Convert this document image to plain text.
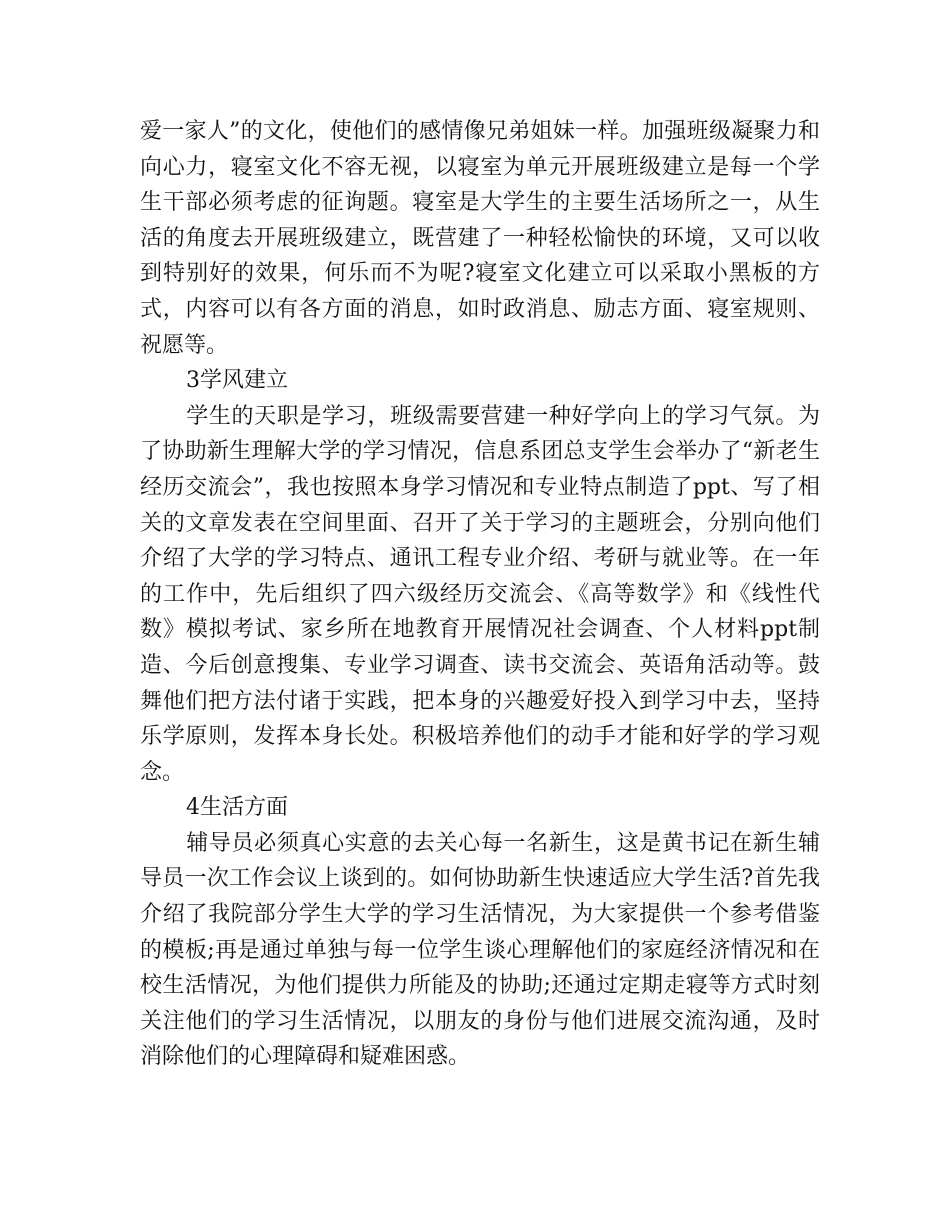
爱一家人”的文化，使他们的感情像兄弟姐妹一样。加强班级凝聚力和向心力，寝室文化不容无视，以寝室为单元开展班级建立是每一个学生干部必须考虑的征询题。寝室是大学生的主要生活场所之一，从生活的角度去开展班级建立，既营建了一种轻松愉快的环境，又可以收到特别好的效果，何乐而不为呢?寝室文化建立可以采取小黑板的方式，内容可以有各方面的消息，如时政消息、励志方面、寝室规则、祝愿等。

3学风建立

学生的天职是学习，班级需要营建一种好学向上的学习气氛。为了协助新生理解大学的学习情况，信息系团总支学生会举办了“新老生经历交流会”，我也按照本身学习情况和专业特点制造了ppt、写了相关的文章发表在空间里面、召开了关于学习的主题班会，分别向他们介绍了大学的学习特点、通讯工程专业介绍、考研与就业等。在一年的工作中，先后组织了四六级经历交流会、《高等数学》和《线性代数》模拟考试、家乡所在地教育开展情况社会调查、个人材料ppt制造、今后创意搜集、专业学习调查、读书交流会、英语角活动等。鼓舞他们把方法付诸于实践，把本身的兴趣爱好投入到学习中去，坚持乐学原则，发挥本身长处。积极培养他们的动手才能和好学的学习观念。

4生活方面

辅导员必须真心实意的去关心每一名新生，这是黄书记在新生辅导员一次工作会议上谈到的。如何协助新生快速适应大学生活?首先我介绍了我院部分学生大学的学习生活情况，为大家提供一个参考借鉴的模板;再是通过单独与每一位学生谈心理解他们的家庭经济情况和在校生活情况，为他们提供力所能及的协助;还通过定期走寝等方式时刻关注他们的学习生活情况，以朋友的身份与他们进展交流沟通，及时消除他们的心理障碍和疑难困惑。
